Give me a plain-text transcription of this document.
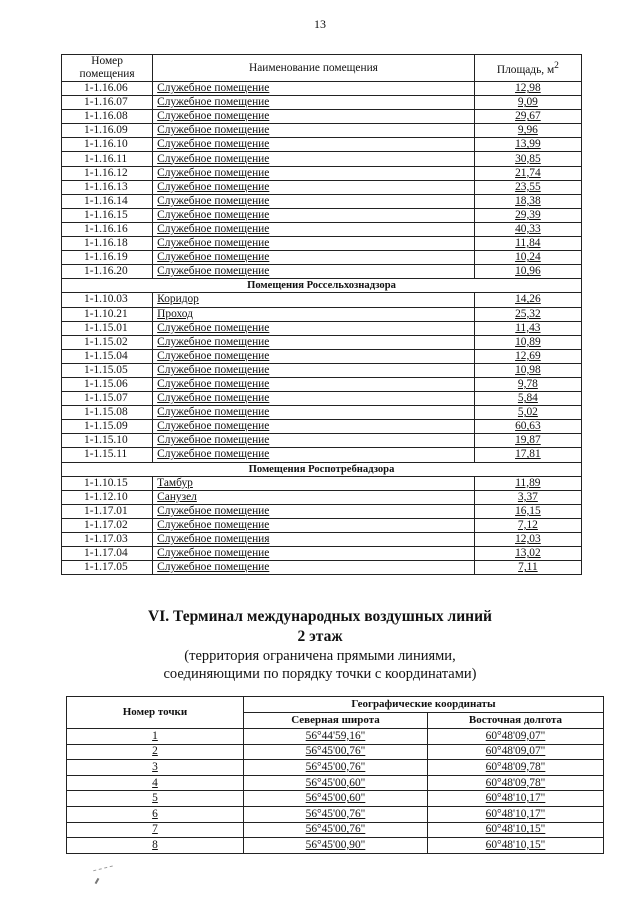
13
Номер помещения	Наименование помещения	Площадь, $м^2$
1-1.16.06	Служебное помещение	12,98
1-1.16.07	Служебное помещение	9,09
1-1.16.08	Служебное помещение	29,67
1-1.16.09	Служебное помещение	9,96
1-1.16.10	Служебное помещение	13,99
1-1.16.11	Служебное помещение	30,85
1-1.16.12	Служебное помещение	21,74
1-1.16.13	Служебное помещение	23,55
1-1.16.14	Служебное помещение	18,38
1-1.16.15	Служебное помещение	29,39
1-1.16.16	Служебное помещение	40,33
1-1.16.18	Служебное помещение	11,84
1-1.16.19	Служебное помещение	10,24
1-1.16.20	Служебное помещение	10,96
Помещения Россельхознадзора		
1-1.10.03	Коридор	14,26
1-1.10.21	Проход	25,32
1-1.15.01	Служебное помещение	11,43
1-1.15.02	Служебное помещение	10,89
1-1.15.04	Служебное помещение	12,69
1-1.15.05	Служебное помещение	10,98
1-1.15.06	Служебное помещение	9,78
1-1.15.07	Служебное помещение	5,84
1-1.15.08	Служебное помещение	5,02
1-1.15.09	Служебное помещение	60,63
1-1.15.10	Служебное помещение	19,87
1-1.15.11	Служебное помещение	17,81
Помещения Роспотребнадзора		
1-1.10.15	Тамбур	11,89
1-1.12.10	Санузел	3,37
1-1.17.01	Служебное помещение	16,15
1-1.17.02	Служебное помещение	7,12
1-1.17.03	Служебное помещения	12,03
1-1.17.04	Служебное помещение	13,02
1-1.17.05	Служебное помещение	7,11
VI. Терминал международных воздушных линий
2 этаж
(территория ограничена прямыми линиями,
соединяющими по порядку точки с координатами)
Номер точки	Географические координаты	
	Северная широта	Восточная долгота
1	56°44'59,16"	60°48'09,07"
2	56°45'00,76"	60°48'09,07"
3	56°45'00,76"	60°48'09,78"
4	56°45'00,60"	60°48'09,78"
5	56°45'00,60"	60°48'10,17"
6	56°45'00,76"	60°48'10,17"
7	56°45'00,76"	60°48'10,15"
8	56°45'00,90"	60°48'10,15"
